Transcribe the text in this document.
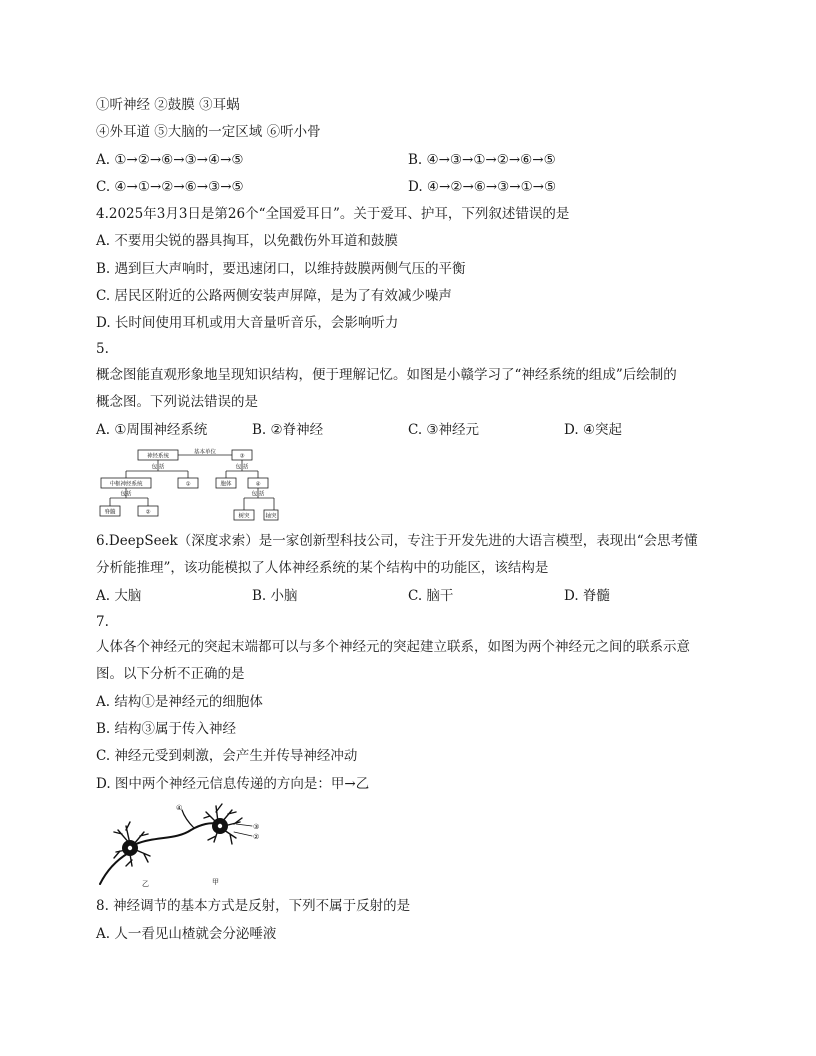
①听神经 ②鼓膜 ③耳蜗
④外耳道 ⑤大脑的一定区域 ⑥听小骨
A. ①→②→⑥→③→④→⑤	B. ④→③→①→②→⑥→⑤
C. ④→①→②→⑥→③→⑤	D. ④→②→⑥→③→①→⑤
4.2025年3月3日是第26个“全国爱耳日”。关于爱耳、护耳，下列叙述错误的是
A. 不要用尖锐的器具掏耳，以免戳伤外耳道和鼓膜
B. 遇到巨大声响时，要迅速闭口，以维持鼓膜两侧气压的平衡
C. 居民区附近的公路两侧安装声屏障，是为了有效减少噪声
D. 长时间使用耳机或用大音量听音乐，会影响听力
5.
概念图能直观形象地呈现知识结构，便于理解记忆。如图是小赣学习了“神经系统的组成”后绘制的
概念图。下列说法错误的是
A. ①周围神经系统	B. ②脊神经	C. ③神经元	D. ④突起
神经系统
基本单位
③
包 括
中枢神经系统	①
包括
脊髓	②
包 括
胞体	④
包 括
树突	轴突
6.DeepSeek（深度求索）是一家创新型科技公司，专注于开发先进的大语言模型，表现出“会思考懂
分析能推理”，该功能模拟了人体神经系统的某个结构中的功能区，该结构是
A. 大脑	B. 小脑	C. 脑干	D. 脊髓
7.
人体各个神经元的突起末端都可以与多个神经元的突起建立联系，如图为两个神经元之间的联系示意
图。以下分析不正确的是
A. 结构①是神经元的细胞体
B. 结构③属于传入神经
C. 神经元受到刺激，会产生并传导神经冲动
D. 图中两个神经元信息传递的方向是：甲→乙
④
③
②
乙	甲
8. 神经调节的基本方式是反射，下列不属于反射的是
A. 人一看见山楂就会分泌唾液
